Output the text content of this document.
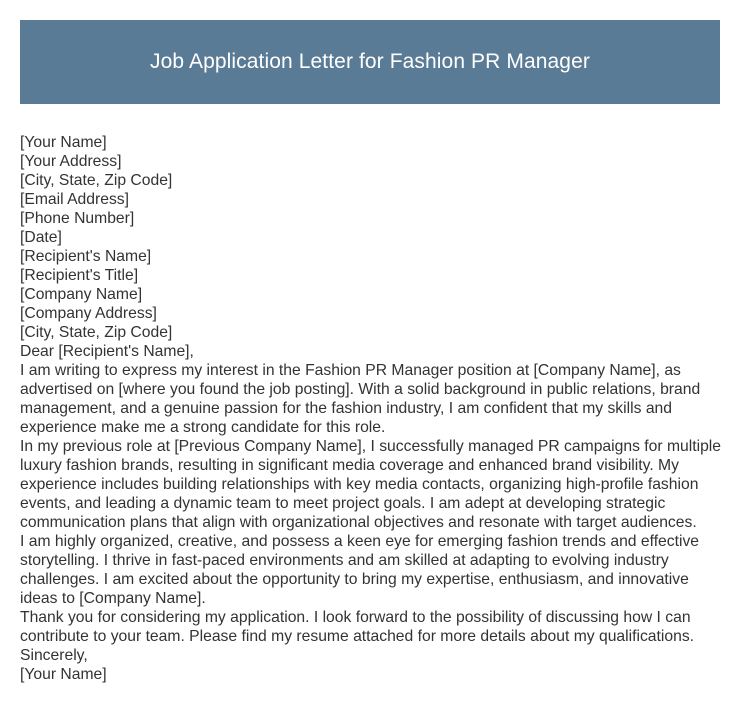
Job Application Letter for Fashion PR Manager

[Your Name]

[Your Address]

[City, State, Zip Code]

[Email Address]

[Phone Number]

[Date]

[Recipient's Name]

[Recipient's Title]

[Company Name]

[Company Address]

[City, State, Zip Code]

Dear [Recipient's Name],

I am writing to express my interest in the Fashion PR Manager position at [Company Name], as advertised on [where you found the job posting]. With a solid background in public relations, brand management, and a genuine passion for the fashion industry, I am confident that my skills and experience make me a strong candidate for this role.

In my previous role at [Previous Company Name], I successfully managed PR campaigns for multiple luxury fashion brands, resulting in significant media coverage and enhanced brand visibility. My experience includes building relationships with key media contacts, organizing high-profile fashion events, and leading a dynamic team to meet project goals. I am adept at developing strategic communication plans that align with organizational objectives and resonate with target audiences.

I am highly organized, creative, and possess a keen eye for emerging fashion trends and effective storytelling. I thrive in fast-paced environments and am skilled at adapting to evolving industry challenges. I am excited about the opportunity to bring my expertise, enthusiasm, and innovative ideas to [Company Name].

Thank you for considering my application. I look forward to the possibility of discussing how I can contribute to your team. Please find my resume attached for more details about my qualifications.

Sincerely,

[Your Name]
